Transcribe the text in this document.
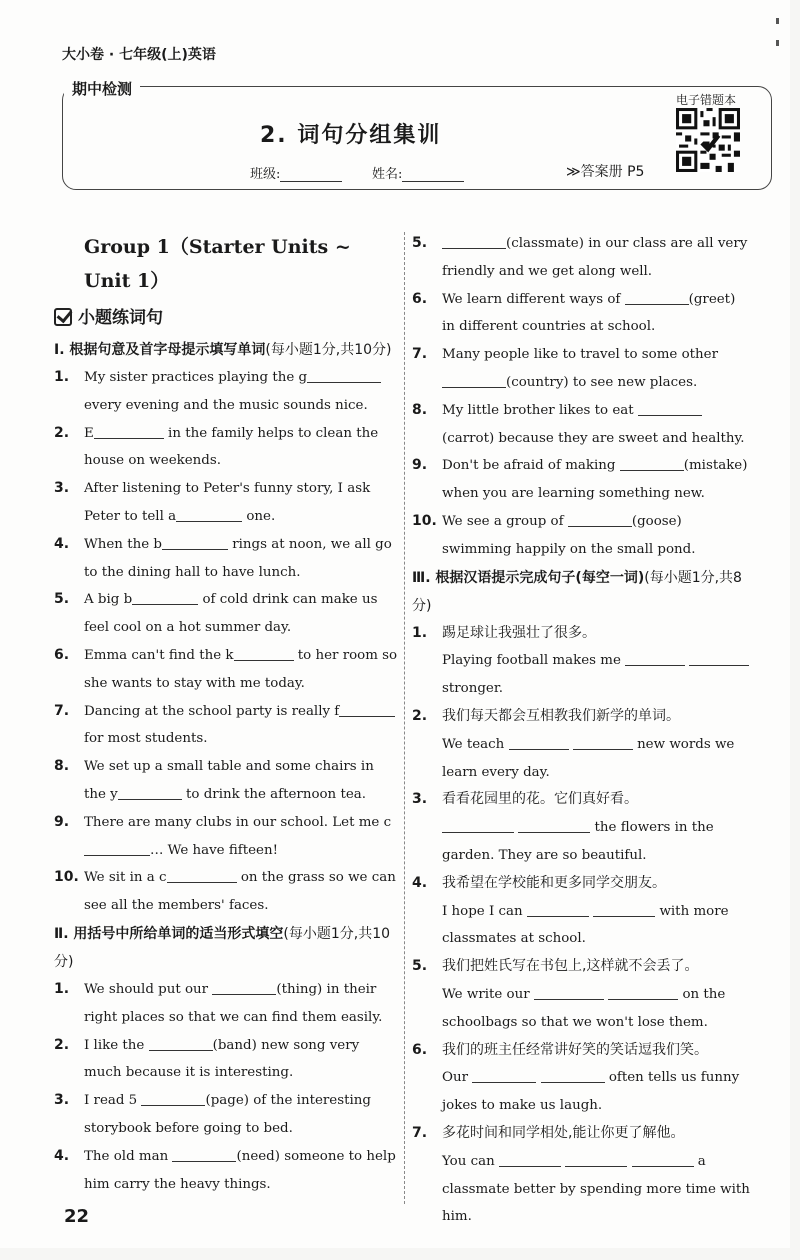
大小卷 · 七年级(上)英语
期中检测
2. 词句分组集训
班级:	姓名:	≫答案册 P5
电子错题本
Group 1（Starter Units ~ Unit 1）
小题练词句
Ⅰ. 根据句意及首字母提示填写单词(每小题1分,共10分)
1. My sister practices playing the g every evening and the music sounds nice.
2. E	in the family helps to clean the house on weekends.
3. After listening to Peter's funny story, I ask Peter to tell a	one.
4. When the b	rings at noon, we all go to the dining hall to have lunch.
5. A big b	of cold drink can make us feel cool on a hot summer day.
6. Emma can't find the k	to her room so she wants to stay with me today.
7. Dancing at the school party is really f for most students.
8. We set up a small table and some chairs in the y	to drink the afternoon tea.
9. There are many clubs in our school. Let me c… We have fifteen!
10. We sit in a c	on the grass so we can see all the members' faces.
Ⅱ. 用括号中所给单词的适当形式填空(每小题1分,共10分)
1. We should put our	(thing) in their right places so that we can find them easily.
2. I like the	(band) new song very much because it is interesting.
3. I read 5	(page) of the interesting storybook before going to bed.
4. The old man	(need) someone to help him carry the heavy things.
5.	(classmate) in our class are all very friendly and we get along well.
6. We learn different ways of	(greet) in different countries at school.
7. Many people like to travel to some other (country) to see new places.
8. My little brother likes to eat (carrot) because they are sweet and healthy.
9. Don't be afraid of making	(mistake) when you are learning something new.
10. We see a group of	(goose) swimming happily on the small pond.
Ⅲ. 根据汉语提示完成句子(每空一词)(每小题1分,共8分)
1. 踢足球让我强壮了很多。
Playing football makes me   stronger.
2. 我们每天都会互相教我们新学的单词。
We teach	new words we learn every day.
3. 看看花园里的花。它们真好看。
the flowers in the garden. They are so beautiful.
4. 我希望在学校能和更多同学交朋友。
I hope I can	with more classmates at school.
5. 我们把姓氏写在书包上,这样就不会丢了。
We write our	on the schoolbags so that we won't lose them.
6. 我们的班主任经常讲好笑的笑话逗我们笑。
Our	often tells us funny jokes to make us laugh.
7. 多花时间和同学相处,能让你更了解他。
You can	a classmate better by spending more time with him.
22
